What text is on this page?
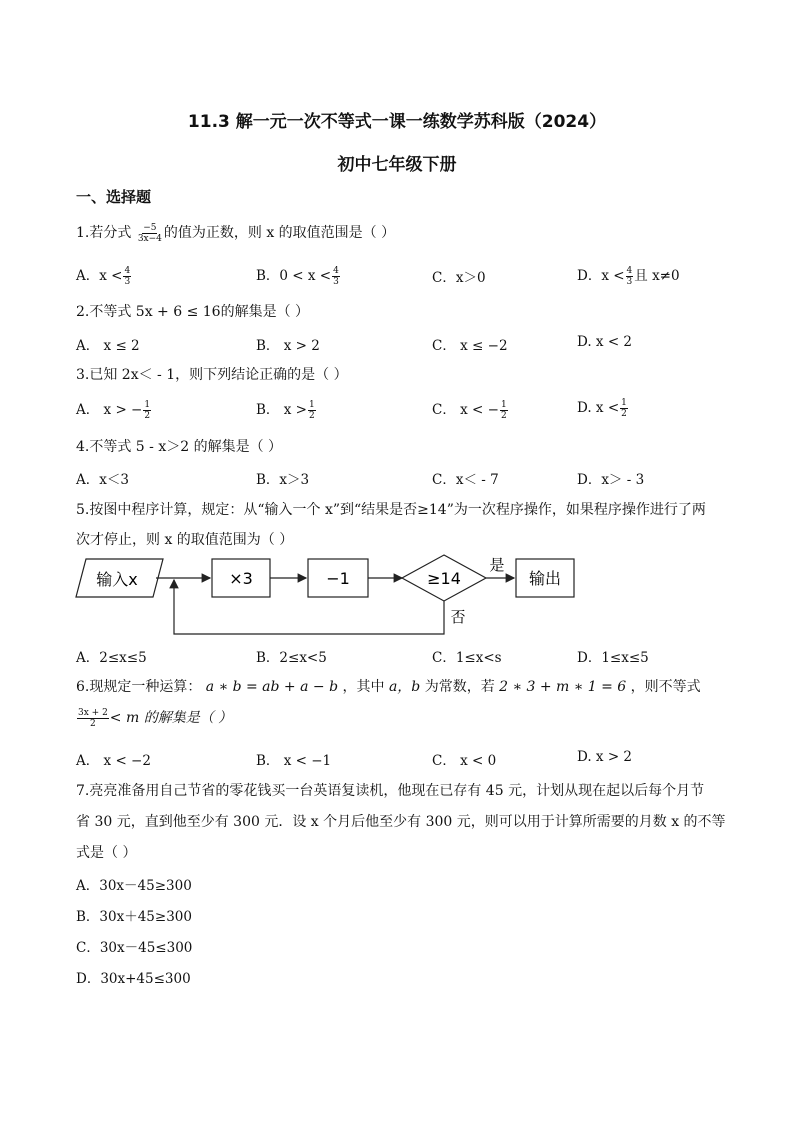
11.3 解一元一次不等式一课一练数学苏科版（2024）
初中七年级下册
一、选择题
1.若分式 $\frac{-5}{3x-4}$ 的值为正数，则 x 的取值范围是（ ）
A．$x < \frac{4}{3}$	B．$0 < x < \frac{4}{3}$	C．x＞0	D．$x < \frac{4}{3}$ 且 x≠0
2.不等式 5x + 6 ≤ 16的解集是（ ）
A． x ≤ 2	B． x > 2	C． x ≤ −2	D. x < 2
3.已知 2x＜ - 1，则下列结论正确的是（ ）
A． x > − $\frac{1}{2}$	B． $x > \frac{1}{2}$	C． x < − $\frac{1}{2}$	D. $x < \frac{1}{2}$
4.不等式 5 - x＞2 的解集是（ ）
A．x＜3	B．x＞3	C．x＜ - 7	D．x＞ - 3
5.按图中程序计算，规定：从“输入一个 x”到“结果是否≥14”为一次程序操作，如果程序操作进行了两
次才停止，则 x 的取值范围为（ ）
输入x	×3	−1	≥14
是
输出
否
A．2≤x≤5	B．2≤x<5	C．1≤x<s	D．1≤x≤5
6.现规定一种运算： a ∗ b = ab + a − b ，其中 a，b 为常数，若 2 ∗ 3 + m ∗ 1 = 6 ，则不等式
$\frac{3x + 2}{2} < m$ 的解集是（ ）
A． x < −2	B． x < −1	C． x < 0	D. x > 2
7.亮亮准备用自己节省的零花钱买一台英语复读机，他现在已存有 45 元，计划从现在起以后每个月节
省 30 元，直到他至少有 300 元．设 x 个月后他至少有 300 元，则可以用于计算所需要的月数 x 的不等
式是（ ）
A．30x－45≥300
B．30x＋45≥300
C．30x－45≤300
D．30x+45≤300
